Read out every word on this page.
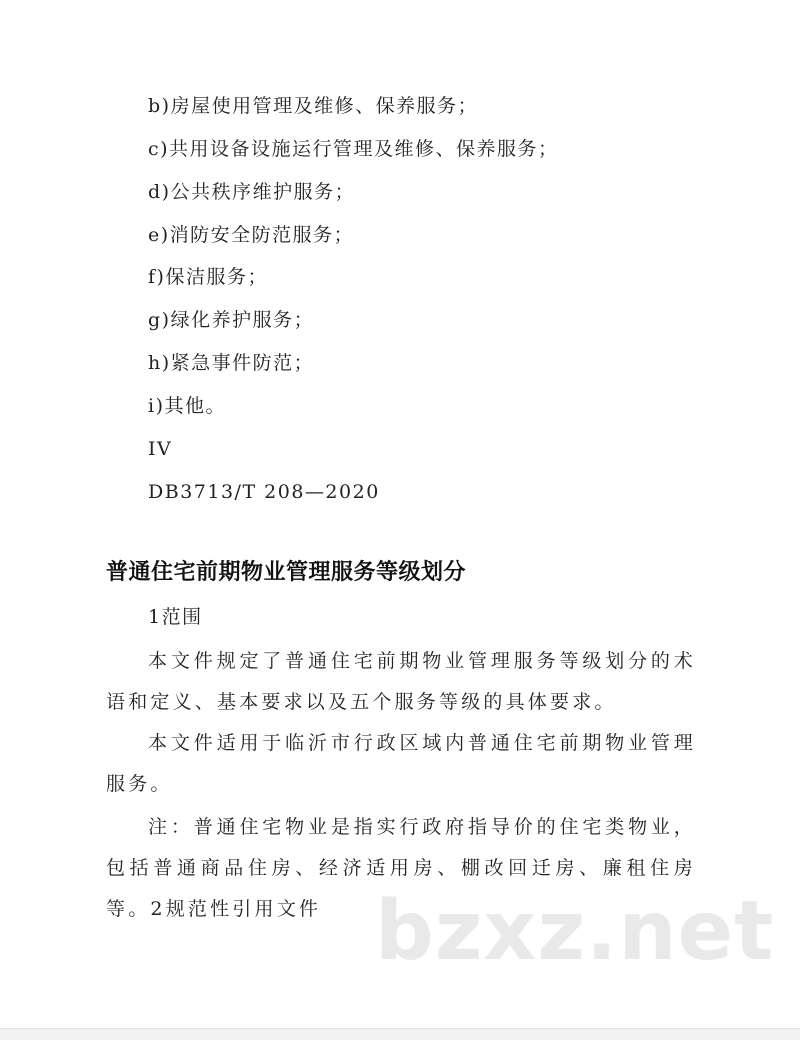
b)房屋使用管理及维修、保养服务；
c)共用设备设施运行管理及维修、保养服务；
d)公共秩序维护服务；
e)消防安全防范服务；
f)保洁服务；
g)绿化养护服务；
h)紧急事件防范；
i)其他。
IV
DB3713/T 208—2020
普通住宅前期物业管理服务等级划分
1范围
本文件规定了普通住宅前期物业管理服务等级划分的术语和定义、基本要求以及五个服务等级的具体要求。
本文件适用于临沂市行政区域内普通住宅前期物业管理服务。
注：普通住宅物业是指实行政府指导价的住宅类物业，包括普通商品住房、经济适用房、棚改回迁房、廉租住房等。2规范性引用文件 bzxz.net
